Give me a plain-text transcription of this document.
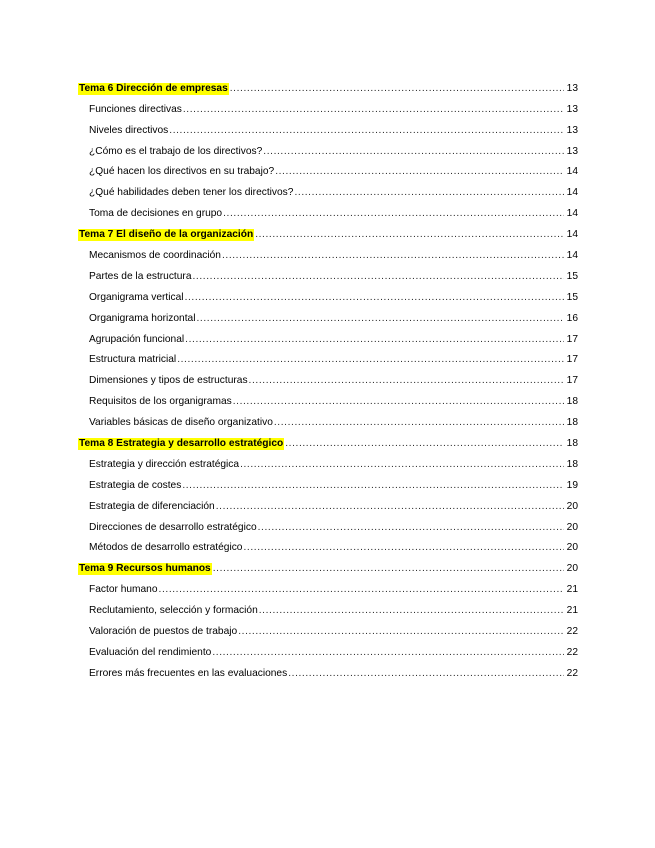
Tema 6 Dirección de empresas .....	13
Funciones directivas .....	13
Niveles directivos .....	13
¿Cómo es el trabajo de los directivos? .....	13
¿Qué hacen los directivos en su trabajo? .....	14
¿Qué habilidades deben tener los directivos? .....	14
Toma de decisiones en grupo .....	14
Tema 7 El diseño de la organización .....	14
Mecanismos de coordinación .....	14
Partes de la estructura .....	15
Organigrama vertical .....	15
Organigrama horizontal .....	16
Agrupación funcional .....	17
Estructura matricial .....	17
Dimensiones y tipos de estructuras .....	17
Requisitos de los organigramas .....	18
Variables básicas de diseño organizativo .....	18
Tema 8 Estrategia y desarrollo estratégico .....	18
Estrategia y dirección estratégica .....	18
Estrategia de costes .....	19
Estrategia de diferenciación .....	20
Direcciones de desarrollo estratégico .....	20
Métodos de desarrollo estratégico .....	20
Tema 9 Recursos humanos .....	20
Factor humano .....	21
Reclutamiento, selección y formación .....	21
Valoración de puestos de trabajo .....	22
Evaluación del rendimiento .....	22
Errores más frecuentes en las evaluaciones .....	22
